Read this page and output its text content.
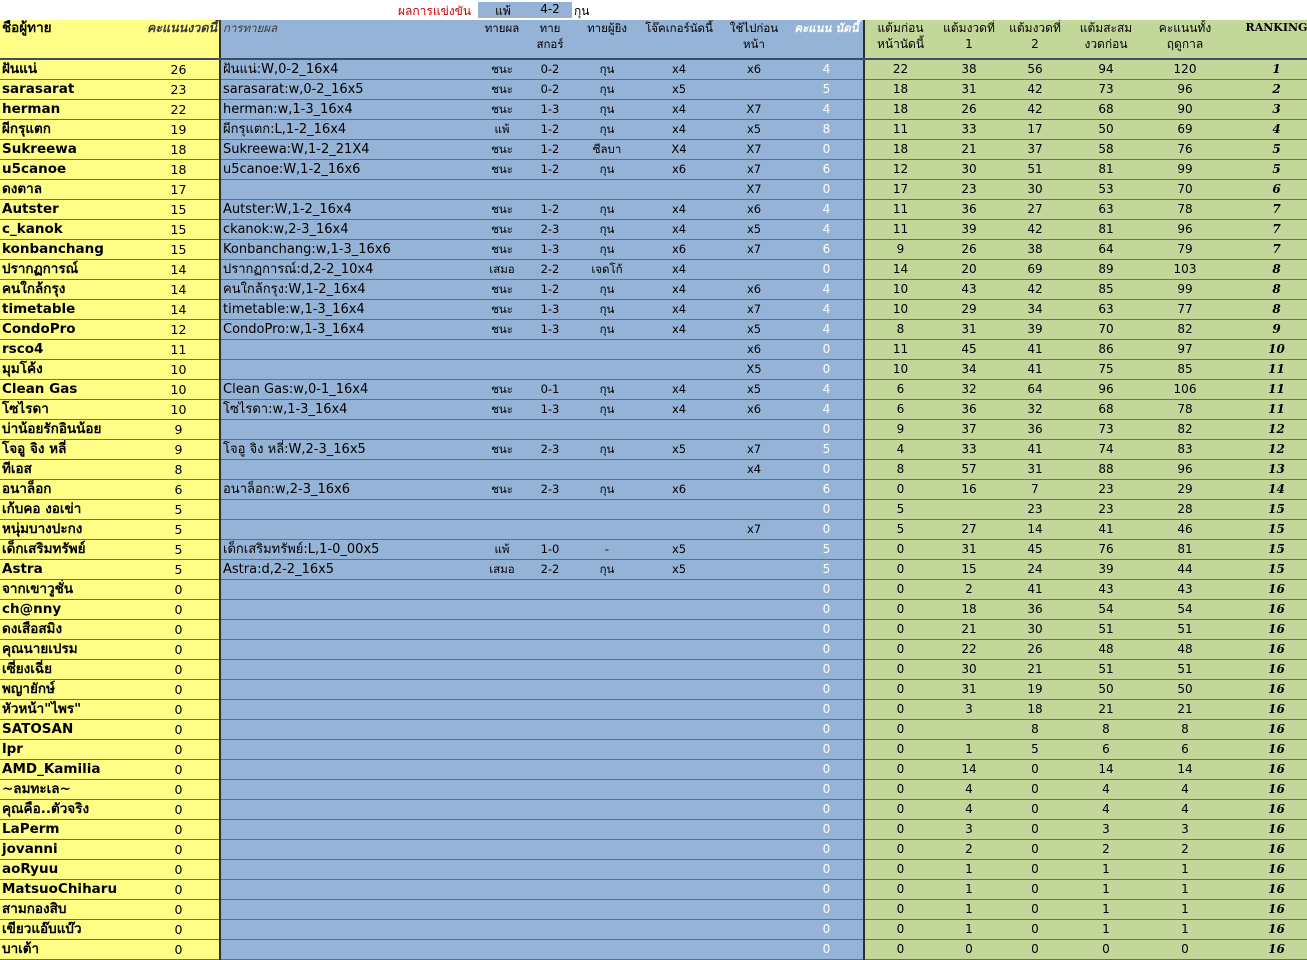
ผลการแข่งขัน	แพ้	4-2	กุน
ชื่อผู้ทาย	คะแนนงวดนี้	การทายผล	ทายผล	ทาย สกอร์	ทายผู้ยิง	โจ๊คเกอร์นัดนี้	ใช้ไปก่อนหน้า	คะแนน นัดนี้	แต้มก่อน หน้านัดนี้	แต้มงวดที่ 1	แต้มงวดที่ 2	แต้มสะสม งวดก่อน	คะแนนทั้ง ฤดูกาล	RANKING
ฝันแน่	26	ฝันแน่:W,0-2_16x4	ชนะ	0-2	กุน	x4	x6	4	22	38	56	94	120	1
sarasarat	23	sarasarat:w,0-2_16x5	ชนะ	0-2	กุน	x5		5	18	31	42	73	96	2
herman	22	herman:w,1-3_16x4	ชนะ	1-3	กุน	x4	X7	4	18	26	42	68	90	3
ผีกรุแตก	19	ผีกรุแตก:L,1-2_16x4	แพ้	1-2	กุน	x4	x5	8	11	33	17	50	69	4
Sukreewa	18	Sukreewa:W,1-2_21X4	ชนะ	1-2	ซีลบา	X4	X7	0	18	21	37	58	76	5
u5canoe	18	u5canoe:W,1-2_16x6	ชนะ	1-2	กุน	x6	x7	6	12	30	51	81	99	5
ดงตาล	17						X7	0	17	23	30	53	70	6
Autster	15	Autster:W,1-2_16x4	ชนะ	1-2	กุน	x4	x6	4	11	36	27	63	78	7
c_kanok	15	ckanok:w,2-3_16x4	ชนะ	2-3	กุน	x4	x5	4	11	39	42	81	96	7
konbanchang	15	Konbanchang:w,1-3_16x6	ชนะ	1-3	กุน	x6	x7	6	9	26	38	64	79	7
ปรากฏการณ์	14	ปรากฏการณ์:d,2-2_10x4	เสมอ	2-2	เจดโก้	x4		0	14	20	69	89	103	8
คนใกล้กรุง	14	คนใกล้กรุง:W,1-2_16x4	ชนะ	1-2	กุน	x4	x6	4	10	43	42	85	99	8
timetable	14	timetable:w,1-3_16x4	ชนะ	1-3	กุน	x4	x7	4	10	29	34	63	77	8
CondoPro	12	CondoPro:w,1-3_16x4	ชนะ	1-3	กุน	x4	x5	4	8	31	39	70	82	9
rsco4	11						x6	0	11	45	41	86	97	10
มุมโค้ง	10						X5	0	10	34	41	75	85	11
Clean Gas	10	Clean Gas:w,0-1_16x4	ชนะ	0-1	กุน	x4	x5	4	6	32	64	96	106	11
โซไรดา	10	โซไรดา:w,1-3_16x4	ชนะ	1-3	กุน	x4	x6	4	6	36	32	68	78	11
บ่าน้อยรักอินน้อย	9							0	9	37	36	73	82	12
โจอู จิง หลี่	9	โจอู จิง หลี่:W,2-3_16x5	ชนะ	2-3	กุน	x5	x7	5	4	33	41	74	83	12
ทีเอส	8						x4	0	8	57	31	88	96	13
อนาล็อก	6	อนาล็อก:w,2-3_16x6	ชนะ	2-3	กุน	x6		6	0	16	7	23	29	14
เก้บคอ งอเข่า	5							0	5		23	23	28	15
หนุ่มบางปะกง	5						x7	0	5	27	14	41	46	15
เด็กเสริมทรัพย์	5	เด็กเสริมทรัพย์:L,1-0_00x5	แพ้	1-0	-	x5		5	0	31	45	76	81	15
Astra	5	Astra:d,2-2_16x5	เสมอ	2-2	กุน	x5		5	0	15	24	39	44	15
จากเขาวูชั่น	0							0	0	2	41	43	43	16
ch@nny	0							0	0	18	36	54	54	16
ดงเสือสมิง	0							0	0	21	30	51	51	16
คุณนายเปรม	0							0	0	22	26	48	48	16
เซี่ยงเฉี่ย	0							0	0	30	21	51	51	16
พญายักษ์	0							0	0	31	19	50	50	16
หัวหน้า"ไพร"	0							0	0	3	18	21	21	16
SATOSAN	0							0	0		8	8	8	16
lpr	0							0	0	1	5	6	6	16
AMD_Kamilia	0							0	0	14	0	14	14	16
~ลมทะเล~	0							0	0	4	0	4	4	16
คุณคือ..ตัวจริง	0							0	0	4	0	4	4	16
LaPerm	0							0	0	3	0	3	3	16
jovanni	0							0	0	2	0	2	2	16
aoRyuu	0							0	0	1	0	1	1	16
MatsuoChiharu	0							0	0	1	0	1	1	16
สามกองสิบ	0							0	0	1	0	1	1	16
เขียวแอ๊บแบ๊ว	0							0	0	1	0	1	1	16
บาเต้า	0							0	0	0	0	0	0	16
